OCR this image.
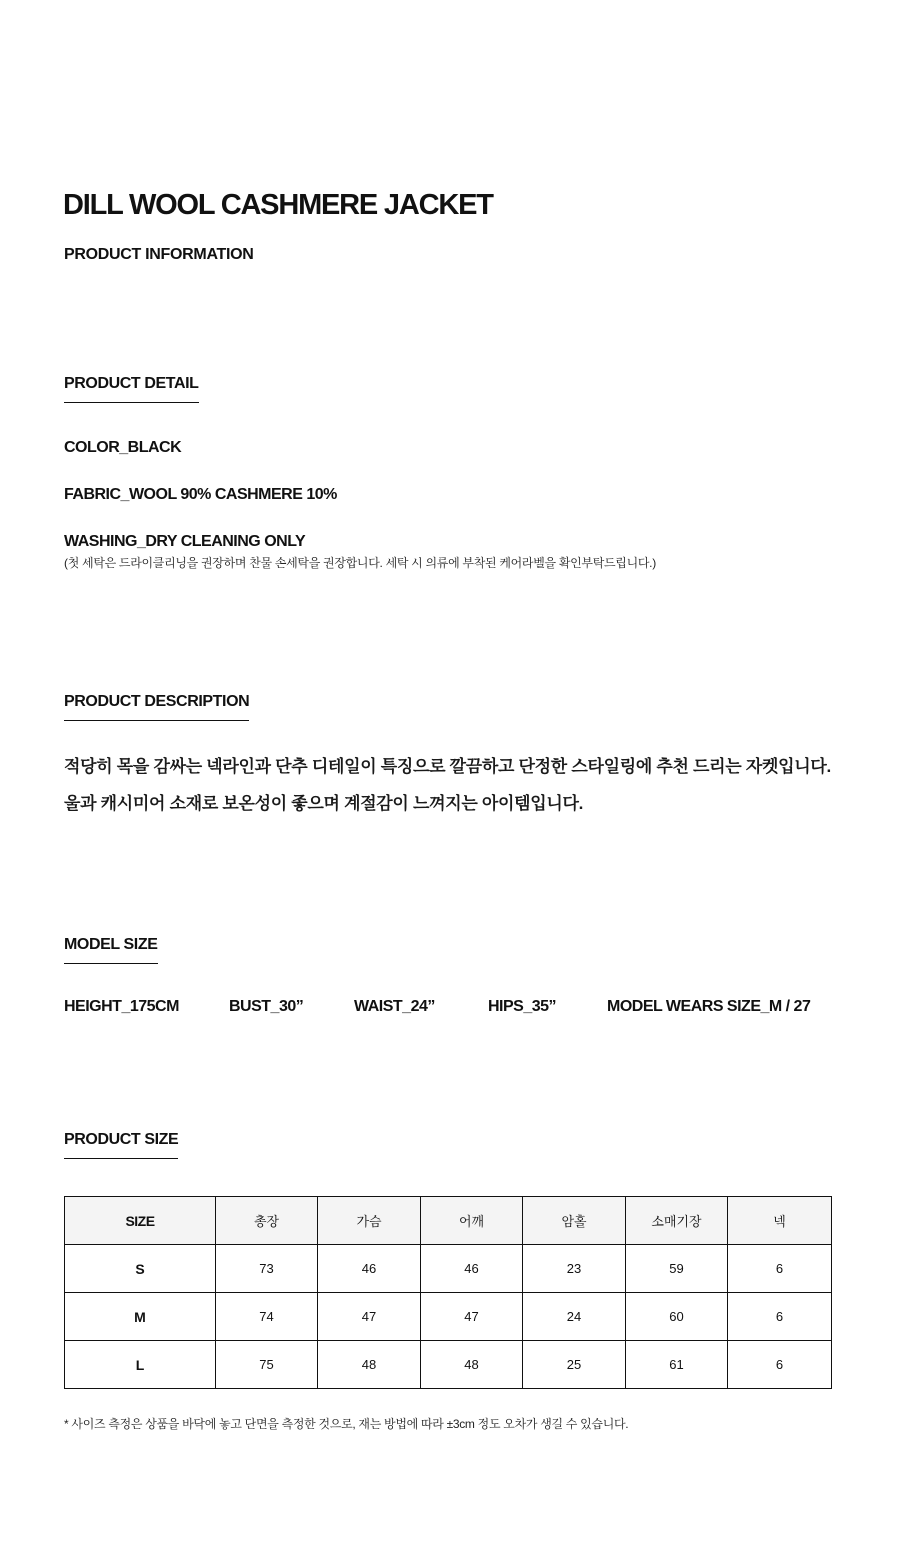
DILL WOOL CASHMERE JACKET
PRODUCT INFORMATION
PRODUCT DETAIL
COLOR_BLACK
FABRIC_WOOL 90% CASHMERE 10%
WASHING_DRY CLEANING ONLY
(첫 세탁은 드라이클리닝을 권장하며 찬물 손세탁을 권장합니다. 세탁 시 의류에 부착된 케어라벨을 확인부탁드립니다.)
PRODUCT DESCRIPTION

적당히 목을 감싸는 넥라인과 단추 디테일이 특징으로 깔끔하고 단정한 스타일링에 추천 드리는 자켓입니다.

울과 캐시미어 소재로 보온성이 좋으며 계절감이 느껴지는 아이템입니다.

MODEL SIZE
HEIGHT_175CM	BUST_30”	WAIST_24”	HIPS_35”	MODEL WEARS SIZE_M / 27
PRODUCT SIZE
SIZE	총장	가슴	어깨	암홀	소매기장	넥
S	73	46	46	23	59	6
M	74	47	47	24	60	6
L	75	48	48	25	61	6

* 사이즈 측정은 상품을 바닥에 놓고 단면을 측정한 것으로, 재는 방법에 따라 ±3cm 정도 오차가 생길 수 있습니다.
